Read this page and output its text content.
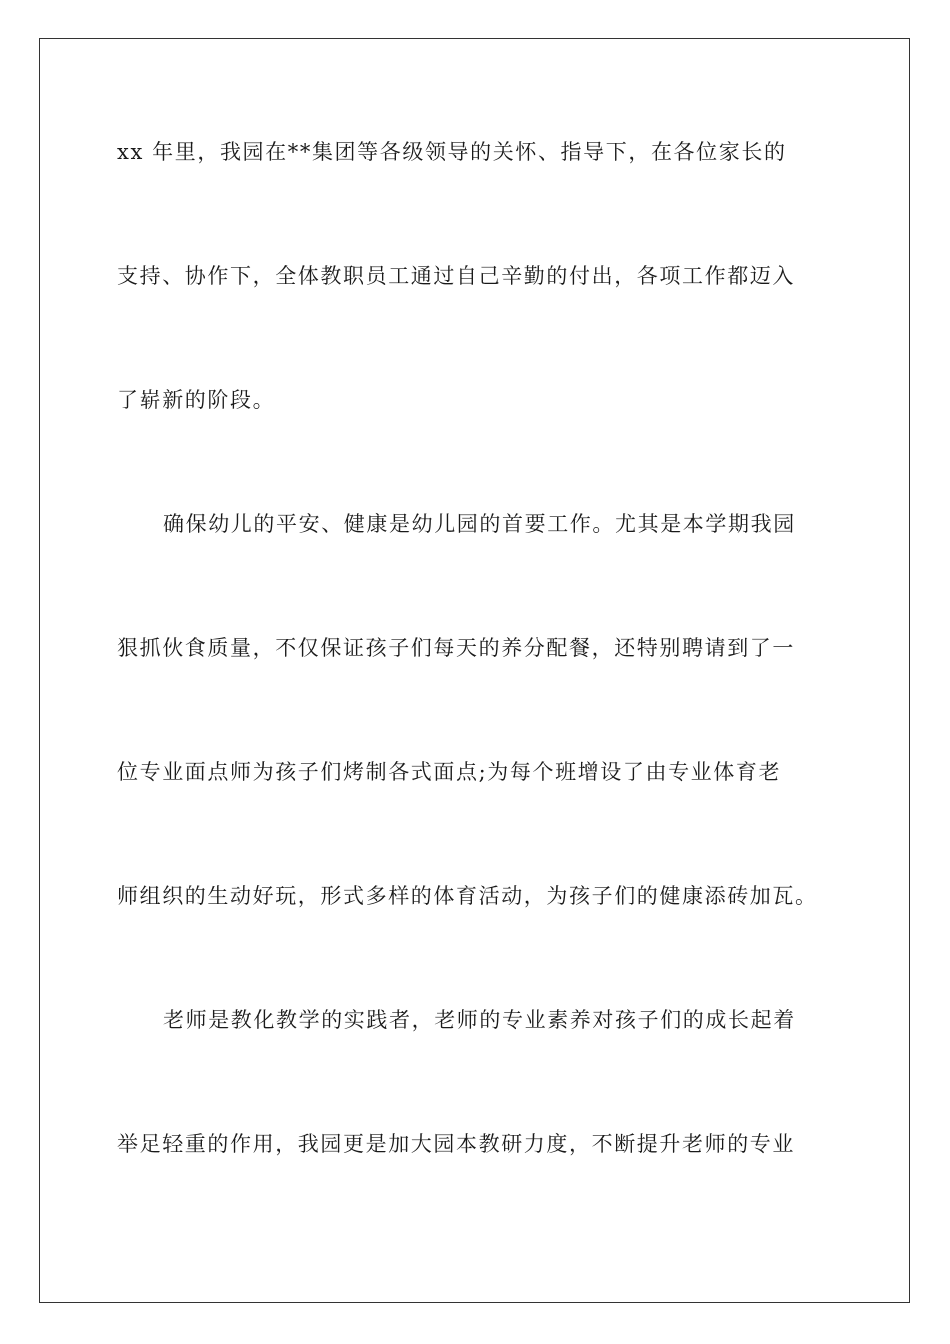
xx 年里，我园在**集团等各级领导的关怀、指导下，在各位家长的
支持、协作下，全体教职员工通过自己辛勤的付出，各项工作都迈入
了崭新的阶段。
确保幼儿的平安、健康是幼儿园的首要工作。尤其是本学期我园
狠抓伙食质量，不仅保证孩子们每天的养分配餐，还特别聘请到了一
位专业面点师为孩子们烤制各式面点;为每个班增设了由专业体育老
师组织的生动好玩，形式多样的体育活动，为孩子们的健康添砖加瓦。
老师是教化教学的实践者，老师的专业素养对孩子们的成长起着
举足轻重的作用，我园更是加大园本教研力度，不断提升老师的专业
